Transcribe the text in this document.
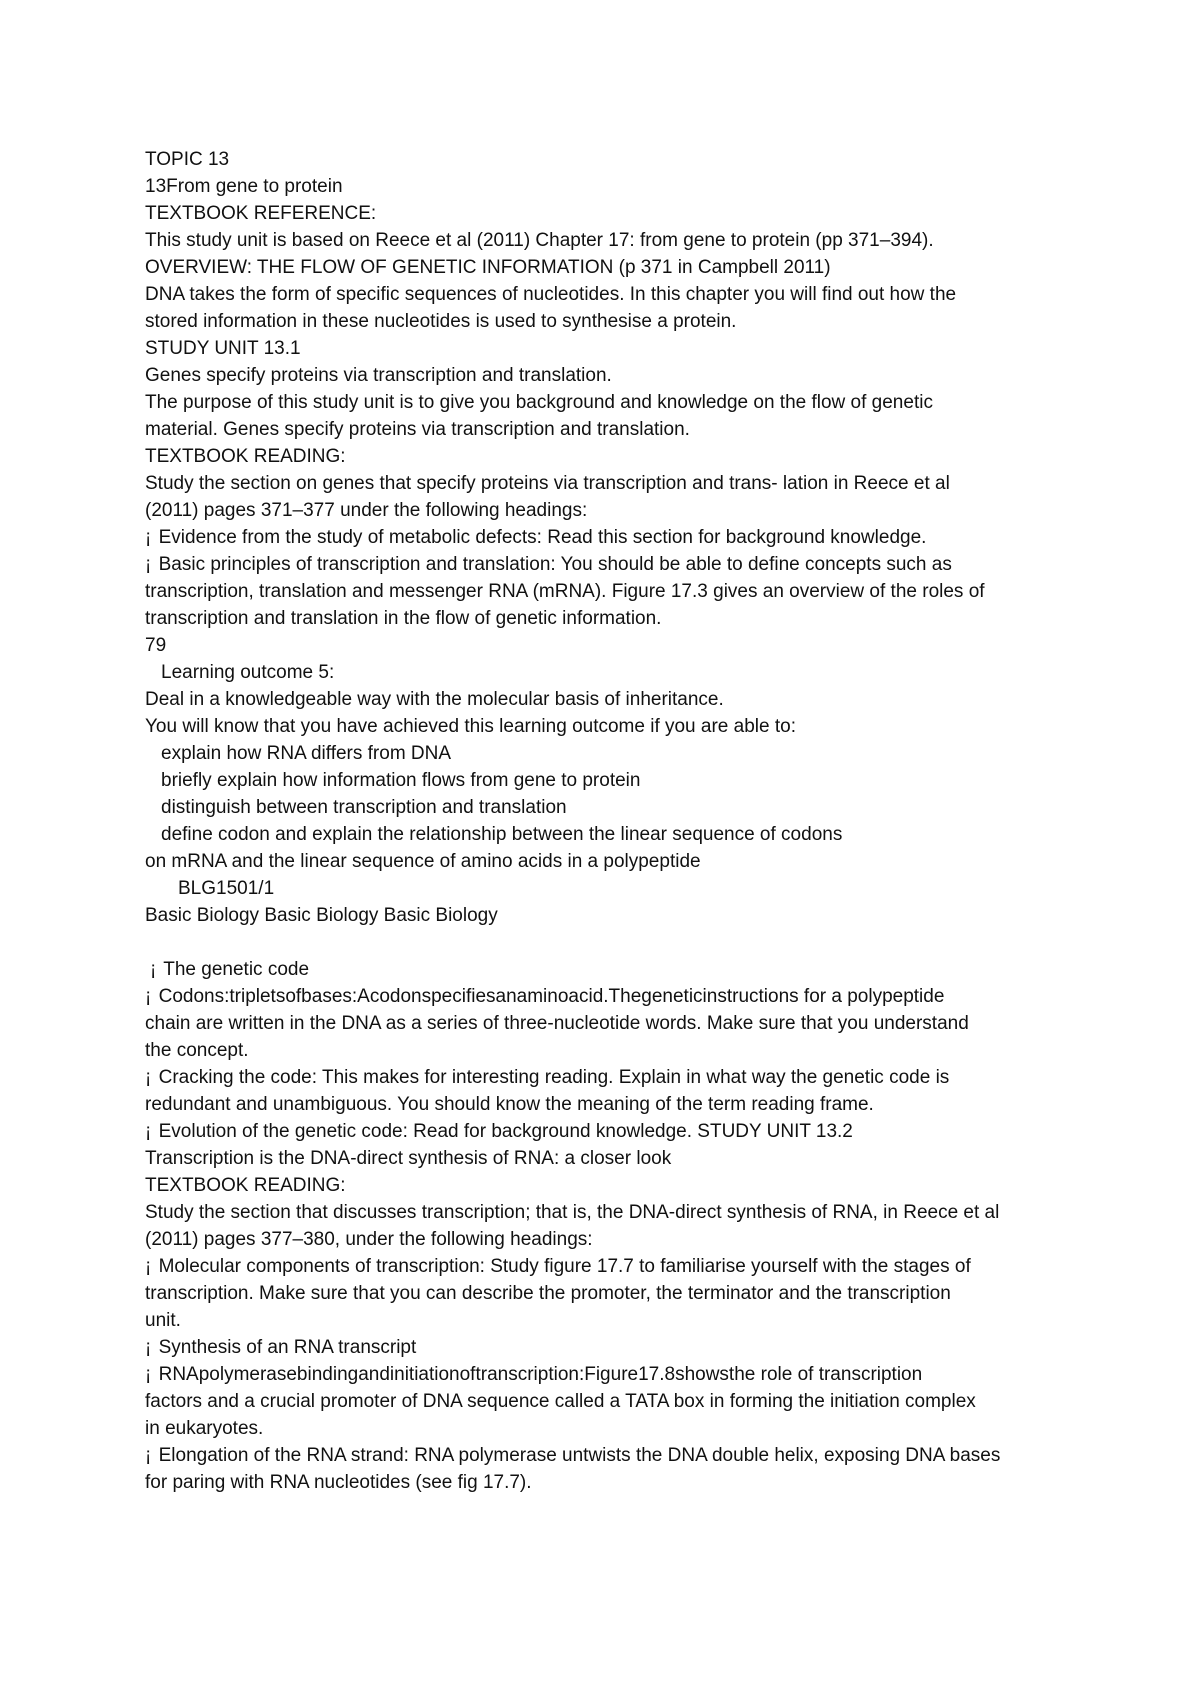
TOPIC 13
13From gene to protein
TEXTBOOK REFERENCE:
This study unit is based on Reece et al (2011) Chapter 17: from gene to protein (pp 371–394).
OVERVIEW: THE FLOW OF GENETIC INFORMATION (p 371 in Campbell 2011)
DNA takes the form of specific sequences of nucleotides. In this chapter you will find out how the
stored information in these nucleotides is used to synthesise a protein.
STUDY UNIT 13.1
Genes specify proteins via transcription and translation.
The purpose of this study unit is to give you background and knowledge on the flow of genetic
material. Genes specify proteins via transcription and translation.
TEXTBOOK READING:
Study the section on genes that specify proteins via transcription and trans- lation in Reece et al
(2011) pages 371–377 under the following headings:
¡ Evidence from the study of metabolic defects: Read this section for background knowledge.
¡ Basic principles of transcription and translation: You should be able to define concepts such as
transcription, translation and messenger RNA (mRNA). Figure 17.3 gives an overview of the roles of
transcription and translation in the flow of genetic information.
79
Learning outcome 5:
Deal in a knowledgeable way with the molecular basis of inheritance.
You will know that you have achieved this learning outcome if you are able to:
explain how RNA differs from DNA
briefly explain how information flows from gene to protein
distinguish between transcription and translation
define codon and explain the relationship between the linear sequence of codons
on mRNA and the linear sequence of amino acids in a polypeptide
BLG1501/1
Basic Biology Basic Biology Basic Biology
¡ The genetic code
¡ Codons:tripletsofbases:Acodonspecifiesanaminoacid.Thegeneticinstructions for a polypeptide
chain are written in the DNA as a series of three-nucleotide words. Make sure that you understand
the concept.
¡ Cracking the code: This makes for interesting reading. Explain in what way the genetic code is
redundant and unambiguous. You should know the meaning of the term reading frame.
¡ Evolution of the genetic code: Read for background knowledge. STUDY UNIT 13.2
Transcription is the DNA-direct synthesis of RNA: a closer look
TEXTBOOK READING:
Study the section that discusses transcription; that is, the DNA-direct synthesis of RNA, in Reece et al
(2011) pages 377–380, under the following headings:
¡ Molecular components of transcription: Study figure 17.7 to familiarise yourself with the stages of
transcription. Make sure that you can describe the promoter, the terminator and the transcription
unit.
¡ Synthesis of an RNA transcript
¡ RNApolymerasebindingandinitiationoftranscription:Figure17.8showsthe role of transcription
factors and a crucial promoter of DNA sequence called a TATA box in forming the initiation complex
in eukaryotes.
¡ Elongation of the RNA strand: RNA polymerase untwists the DNA double helix, exposing DNA bases
for paring with RNA nucleotides (see fig 17.7).
